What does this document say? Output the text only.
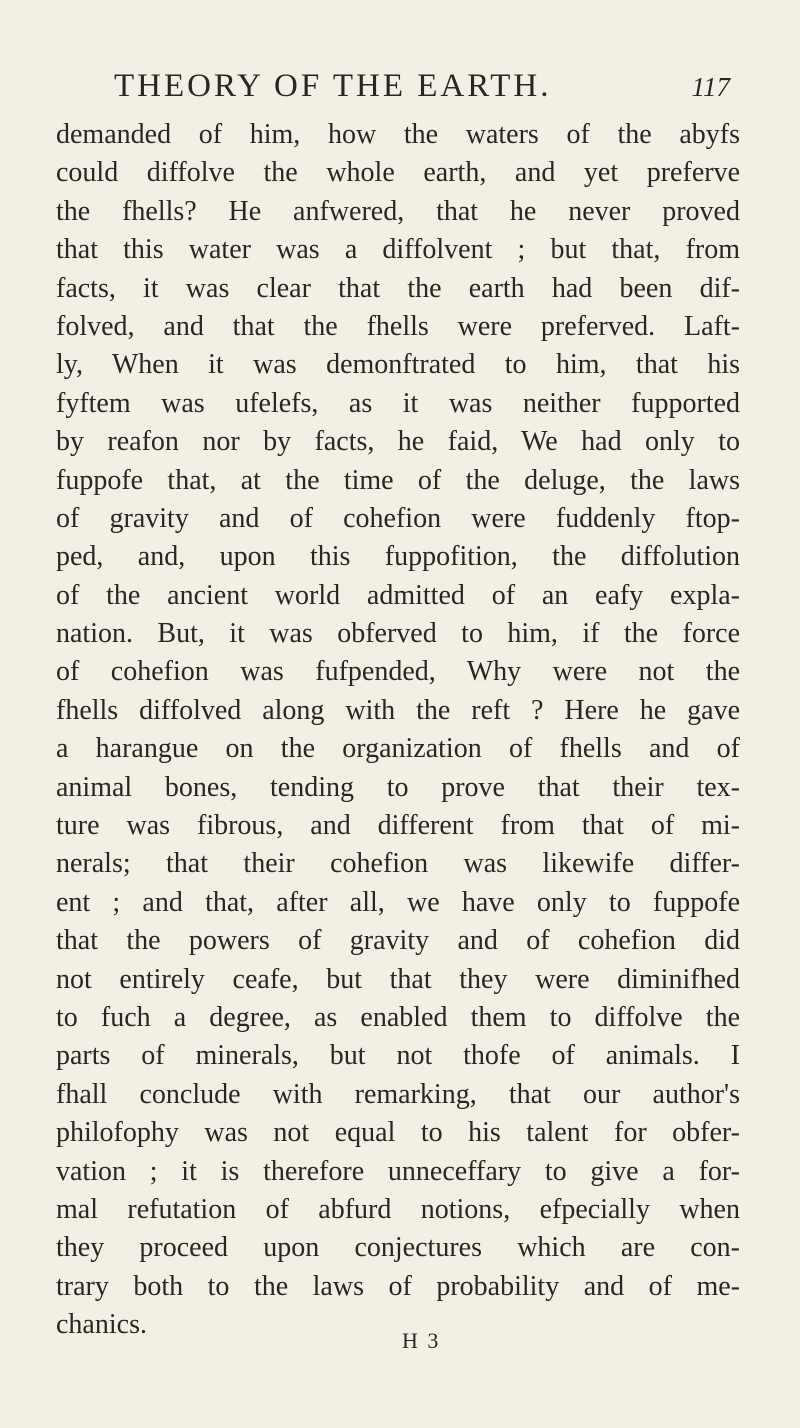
THEORY OF THE EARTH.	117
demanded of him, how the waters of the abyfs
could diffolve the whole earth, and yet preferve
the fhells? He anfwered, that he never proved
that this water was a diffolvent ; but that, from
facts, it was clear that the earth had been dif-
folved, and that the fhells were preferved. Laft-
ly, When it was demonftrated to him, that his
fyftem was ufelefs, as it was neither fupported
by reafon nor by facts, he faid, We had only to
fuppofe that, at the time of the deluge, the laws
of gravity and of cohefion were fuddenly ftop-
ped, and, upon this fuppofition, the diffolution
of the ancient world admitted of an eafy expla-
nation. But, it was obferved to him, if the force
of cohefion was fufpended, Why were not the
fhells diffolved along with the reft ? Here he gave
a harangue on the organization of fhells and of
animal bones, tending to prove that their tex-
ture was fibrous, and different from that of mi-
nerals; that their cohefion was likewife differ-
ent ; and that, after all, we have only to fuppofe
that the powers of gravity and of cohefion did
not entirely ceafe, but that they were diminifhed
to fuch a degree, as enabled them to diffolve the
parts of minerals, but not thofe of animals. I
fhall conclude with remarking, that our author's
philofophy was not equal to his talent for obfer-
vation ; it is therefore unneceffary to give a for-
mal refutation of abfurd notions, efpecially when
they proceed upon conjectures which are con-
trary both to the laws of probability and of me-
chanics.
H 3
